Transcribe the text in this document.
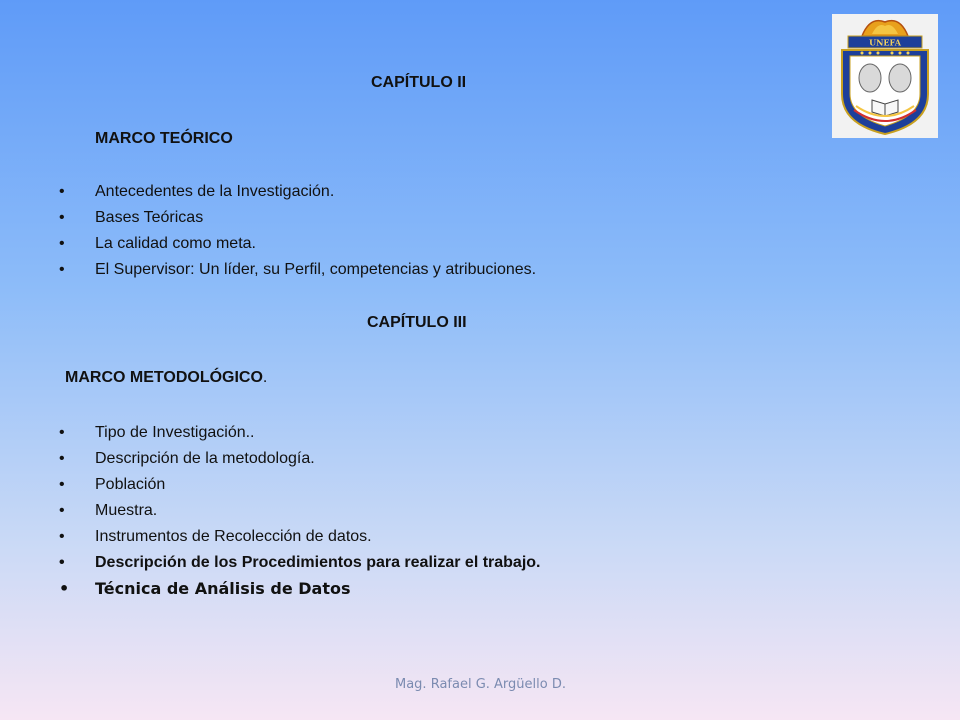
UNEFA
CAPÍTULO II
MARCO TEÓRICO
• Antecedentes de la Investigación.
• Bases Teóricas
• La calidad como meta.
• El Supervisor: Un líder, su Perfil, competencias y atribuciones.
CAPÍTULO III
MARCO METODOLÓGICO.
• Tipo de Investigación..
• Descripción de la metodología.
• Población
• Muestra.
• Instrumentos de Recolección de datos.
• Descripción de los Procedimientos para realizar el trabajo.
• Técnica de Análisis de Datos
Mag. Rafael G. Argüello D.
